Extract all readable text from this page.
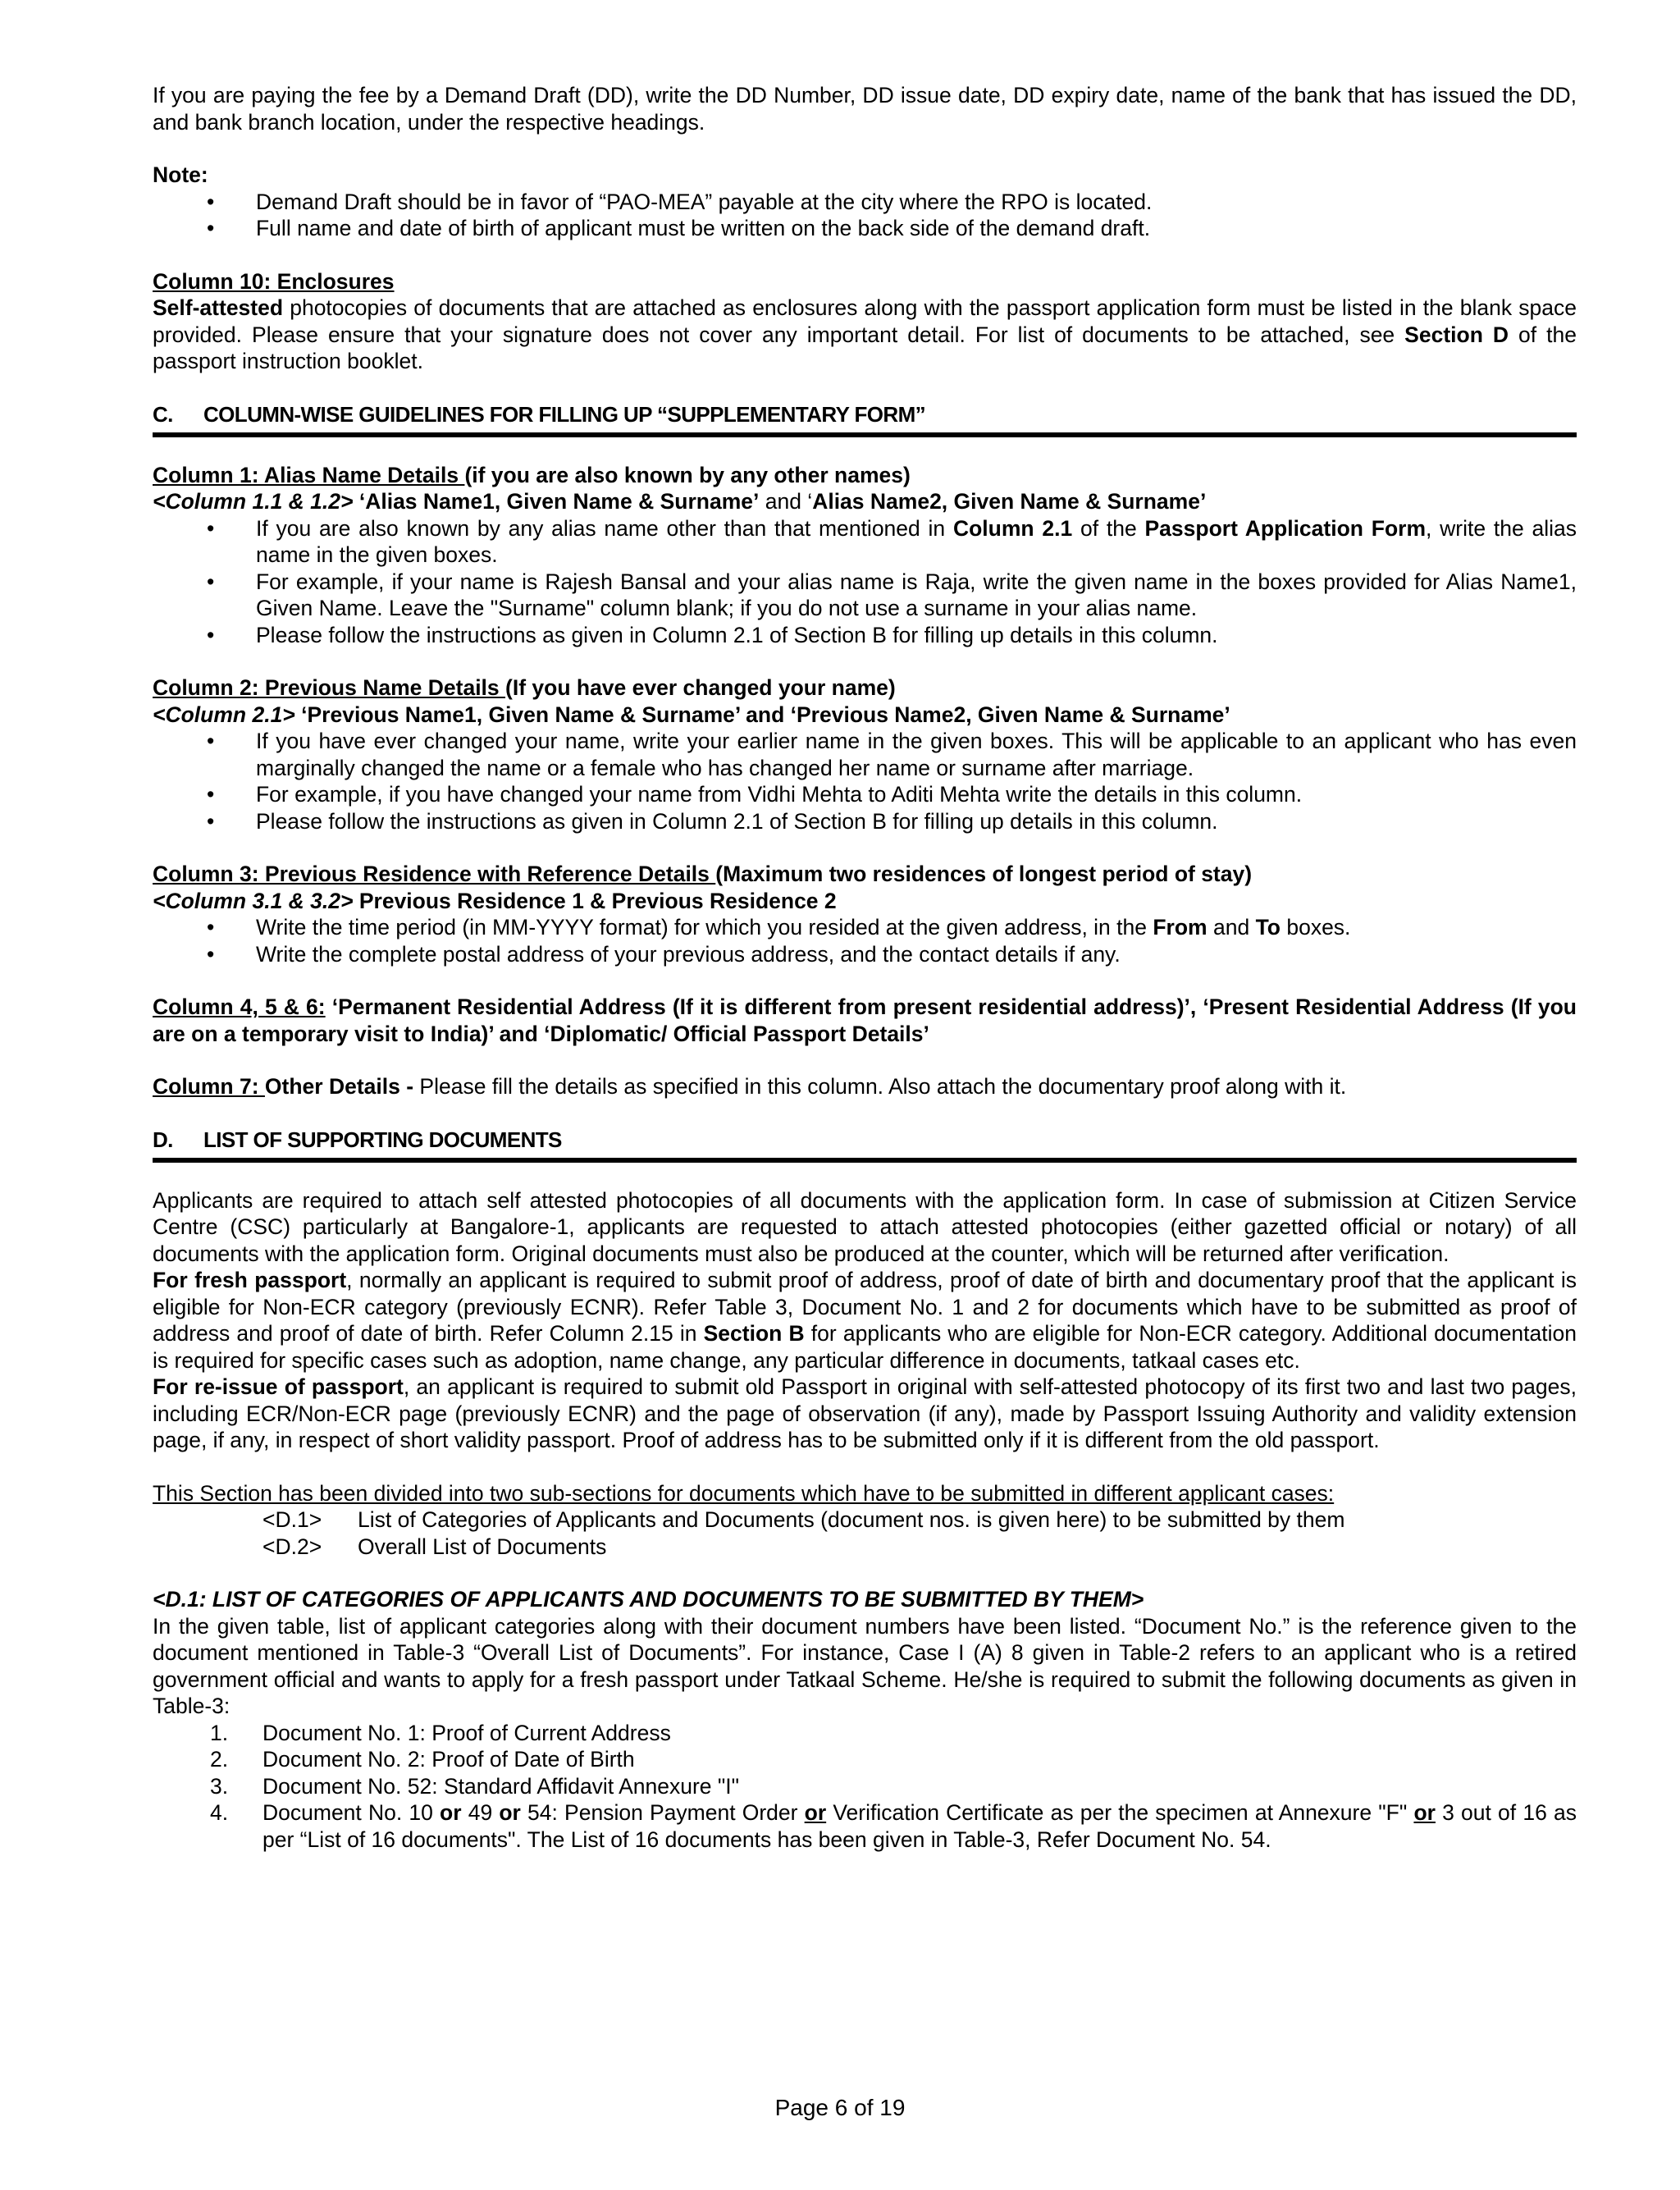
If you are paying the fee by a Demand Draft (DD), write the DD Number, DD issue date, DD expiry date, name of the bank that has issued the DD, and bank branch location, under the respective headings.

Note:

• Demand Draft should be in favor of “PAO-MEA” payable at the city where the RPO is located.
• Full name and date of birth of applicant must be written on the back side of the demand draft.

Column 10: Enclosures

Self-attested photocopies of documents that are attached as enclosures along with the passport application form must be listed in the blank space provided. Please ensure that your signature does not cover any important detail. For list of documents to be attached, see Section D of the passport instruction booklet.

C. COLUMN-WISE GUIDELINES FOR FILLING UP “SUPPLEMENTARY FORM”

Column 1: Alias Name Details (if you are also known by any other names)

<Column 1.1 & 1.2> ‘Alias Name1, Given Name & Surname’ and ‘Alias Name2, Given Name & Surname’

• If you are also known by any alias name other than that mentioned in Column 2.1 of the Passport Application Form, write the alias name in the given boxes.
• For example, if your name is Rajesh Bansal and your alias name is Raja, write the given name in the boxes provided for Alias Name1, Given Name. Leave the "Surname" column blank; if you do not use a surname in your alias name.
• Please follow the instructions as given in Column 2.1 of Section B for filling up details in this column.

Column 2: Previous Name Details (If you have ever changed your name)

<Column 2.1> ‘Previous Name1, Given Name & Surname’ and ‘Previous Name2, Given Name & Surname’

• If you have ever changed your name, write your earlier name in the given boxes. This will be applicable to an applicant who has even marginally changed the name or a female who has changed her name or surname after marriage.
• For example, if you have changed your name from Vidhi Mehta to Aditi Mehta write the details in this column.
• Please follow the instructions as given in Column 2.1 of Section B for filling up details in this column.

Column 3: Previous Residence with Reference Details (Maximum two residences of longest period of stay)

<Column 3.1 & 3.2> Previous Residence 1 & Previous Residence 2

• Write the time period (in MM-YYYY format) for which you resided at the given address, in the From and To boxes.
• Write the complete postal address of your previous address, and the contact details if any.

Column 4, 5 & 6: ‘Permanent Residential Address (If it is different from present residential address)’, ‘Present Residential Address (If you are on a temporary visit to India)’ and ‘Diplomatic/ Official Passport Details’

Column 7: Other Details - Please fill the details as specified in this column. Also attach the documentary proof along with it.

D. LIST OF SUPPORTING DOCUMENTS

Applicants are required to attach self attested photocopies of all documents with the application form. In case of submission at Citizen Service Centre (CSC) particularly at Bangalore-1, applicants are requested to attach attested photocopies (either gazetted official or notary) of all documents with the application form. Original documents must also be produced at the counter, which will be returned after verification.

For fresh passport, normally an applicant is required to submit proof of address, proof of date of birth and documentary proof that the applicant is eligible for Non-ECR category (previously ECNR). Refer Table 3, Document No. 1 and 2 for documents which have to be submitted as proof of address and proof of date of birth. Refer Column 2.15 in Section B for applicants who are eligible for Non-ECR category. Additional documentation is required for specific cases such as adoption, name change, any particular difference in documents, tatkaal cases etc.

For re-issue of passport, an applicant is required to submit old Passport in original with self-attested photocopy of its first two and last two pages, including ECR/Non-ECR page (previously ECNR) and the page of observation (if any), made by Passport Issuing Authority and validity extension page, if any, in respect of short validity passport. Proof of address has to be submitted only if it is different from the old passport.

This Section has been divided into two sub-sections for documents which have to be submitted in different applicant cases:

<D.1> List of Categories of Applicants and Documents (document nos. is given here) to be submitted by them
<D.2> Overall List of Documents

<D.1: LIST OF CATEGORIES OF APPLICANTS AND DOCUMENTS TO BE SUBMITTED BY THEM>

In the given table, list of applicant categories along with their document numbers have been listed. “Document No.” is the reference given to the document mentioned in Table-3 “Overall List of Documents”. For instance, Case I (A) 8 given in Table-2 refers to an applicant who is a retired government official and wants to apply for a fresh passport under Tatkaal Scheme. He/she is required to submit the following documents as given in Table-3:

1. Document No. 1: Proof of Current Address
2. Document No. 2: Proof of Date of Birth
3. Document No. 52: Standard Affidavit Annexure "I"
4. Document No. 10 or 49 or 54: Pension Payment Order or Verification Certificate as per the specimen at Annexure "F" or 3 out of 16 as per “List of 16 documents". The List of 16 documents has been given in Table-3, Refer Document No. 54.
Page 6 of 19
